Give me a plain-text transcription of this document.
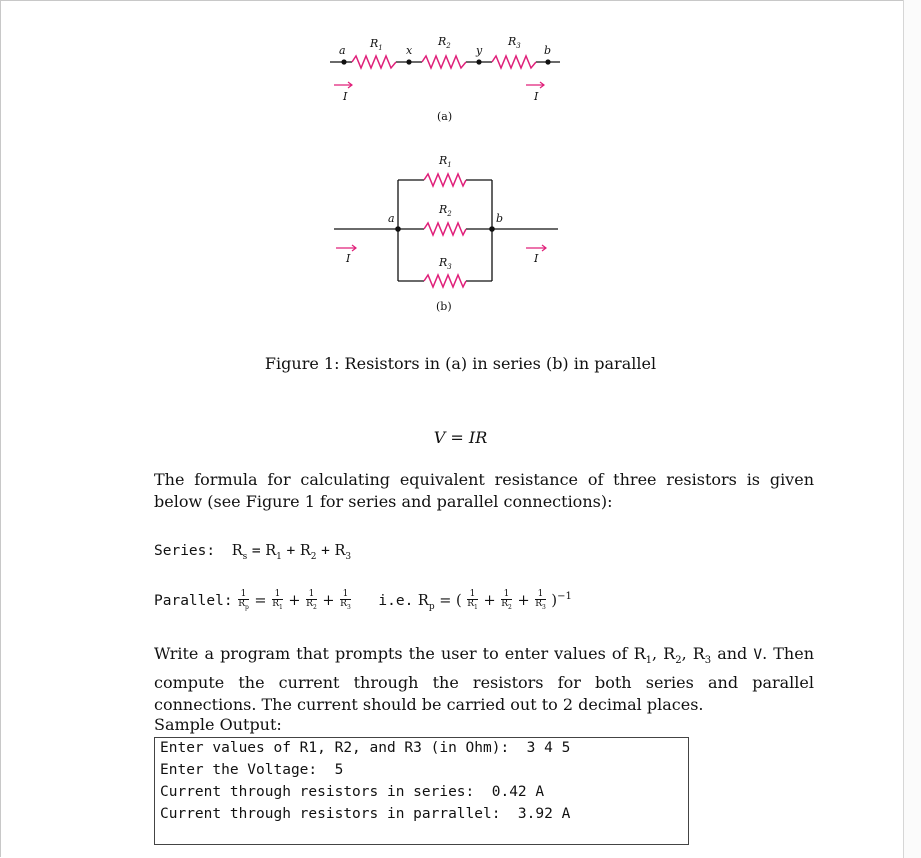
a	x	y	b
$R_1$	$R_2$	$R_3$
I	I
(a)
$R_1$
$R_2$
$R_3$
a	b
I	I
(b)
Figure 1: Resistors in (a) in series (b) in parallel
V = IR
The formula for calculating equivalent resistance of three resistors is given below (see Figure 1 for series and parallel connections):
Series: $R_s = R_1 + R_2 + R_3$
Parallel: $\frac{1}{R_p} = \frac{1}{R_1} + \frac{1}{R_2} + \frac{1}{R_3} i.e$. $R_p$ = ( $\frac{1}{R_1} + \frac{1}{R_2} + \frac{1}{R_3} )^{-1}$
Write a program that prompts the user to enter values of $R_1$, $R_2$, $R_3$ and V. Then compute the current through the resistors for both series and parallel connections. The current should be carried out to 2 decimal places.
Sample Output:
Enter values of R1, R2, and R3 (in Ohm):  3 4 5
Enter the Voltage:  5
Current through resistors in series:  0.42 A
Current through resistors in parrallel:  3.92 A
